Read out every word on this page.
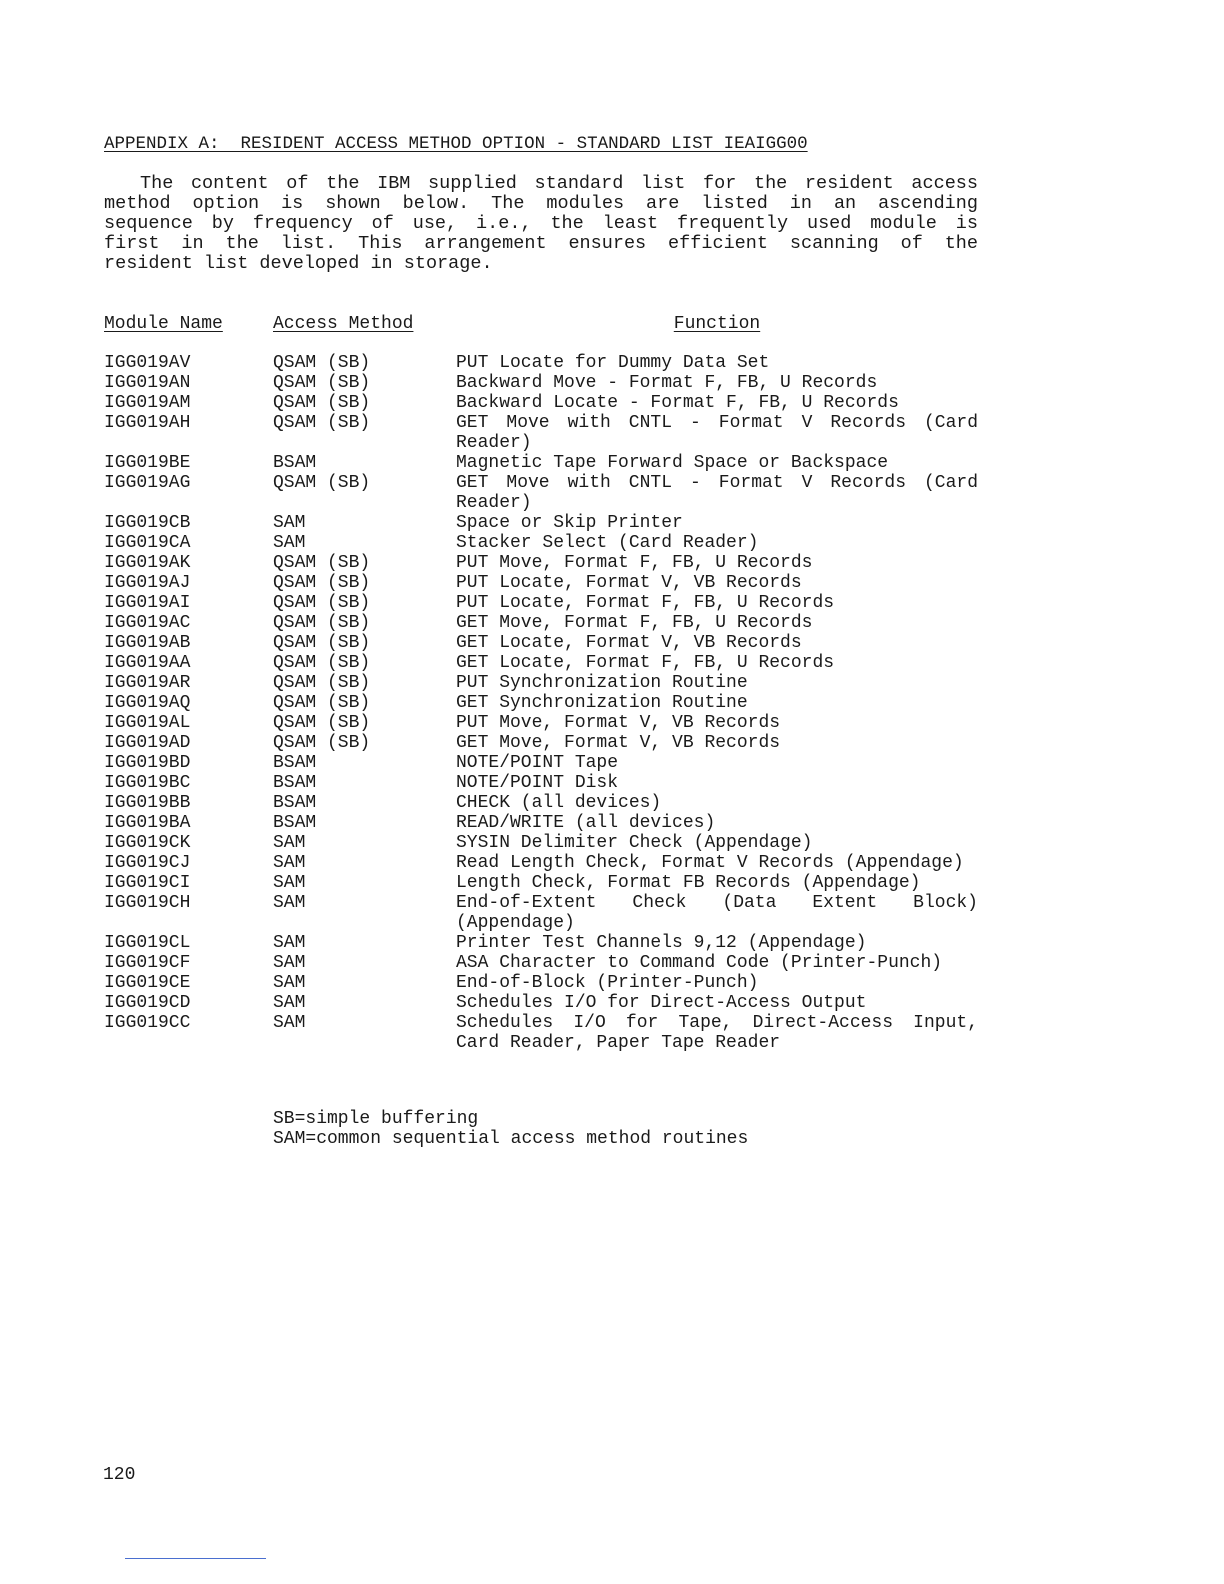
APPENDIX A:  RESIDENT ACCESS METHOD OPTION - STANDARD LIST IEAIGG00
The content of the IBM supplied standard list for the resident access
method option is shown below. The modules are listed in an ascending
sequence by frequency of use, i.e., the least frequently used module is
first in the list. This arrangement ensures efficient scanning of the
resident list developed in storage.
Module Name	Access Method	Function
IGG019AV	QSAM (SB)	PUT Locate for Dummy Data Set
IGG019AN	QSAM (SB)	Backward Move - Format F, FB, U Records
IGG019AM	QSAM (SB)	Backward Locate - Format F, FB, U Records
IGG019AH	QSAM (SB)	GET Move with CNTL - Format V Records (Card Reader)
IGG019BE	BSAM	Magnetic Tape Forward Space or Backspace
IGG019AG	QSAM (SB)	GET Move with CNTL - Format V Records (Card Reader)
IGG019CB	SAM	Space or Skip Printer
IGG019CA	SAM	Stacker Select (Card Reader)
IGG019AK	QSAM (SB)	PUT Move, Format F, FB, U Records
IGG019AJ	QSAM (SB)	PUT Locate, Format V, VB Records
IGG019AI	QSAM (SB)	PUT Locate, Format F, FB, U Records
IGG019AC	QSAM (SB)	GET Move, Format F, FB, U Records
IGG019AB	QSAM (SB)	GET Locate, Format V, VB Records
IGG019AA	QSAM (SB)	GET Locate, Format F, FB, U Records
IGG019AR	QSAM (SB)	PUT Synchronization Routine
IGG019AQ	QSAM (SB)	GET Synchronization Routine
IGG019AL	QSAM (SB)	PUT Move, Format V, VB Records
IGG019AD	QSAM (SB)	GET Move, Format V, VB Records
IGG019BD	BSAM	NOTE/POINT Tape
IGG019BC	BSAM	NOTE/POINT Disk
IGG019BB	BSAM	CHECK (all devices)
IGG019BA	BSAM	READ/WRITE (all devices)
IGG019CK	SAM	SYSIN Delimiter Check (Appendage)
IGG019CJ	SAM	Read Length Check, Format V Records (Appendage)
IGG019CI	SAM	Length Check, Format FB Records (Appendage)
IGG019CH	SAM	End-of-Extent Check (Data Extent Block) (Appendage)
IGG019CL	SAM	Printer Test Channels 9,12 (Appendage)
IGG019CF	SAM	ASA Character to Command Code (Printer-Punch)
IGG019CE	SAM	End-of-Block (Printer-Punch)
IGG019CD	SAM	Schedules I/O for Direct-Access Output
IGG019CC	SAM	Schedules I/O for Tape, Direct-Access Input, Card Reader, Paper Tape Reader
SB=simple buffering
SAM=common sequential access method routines
120
